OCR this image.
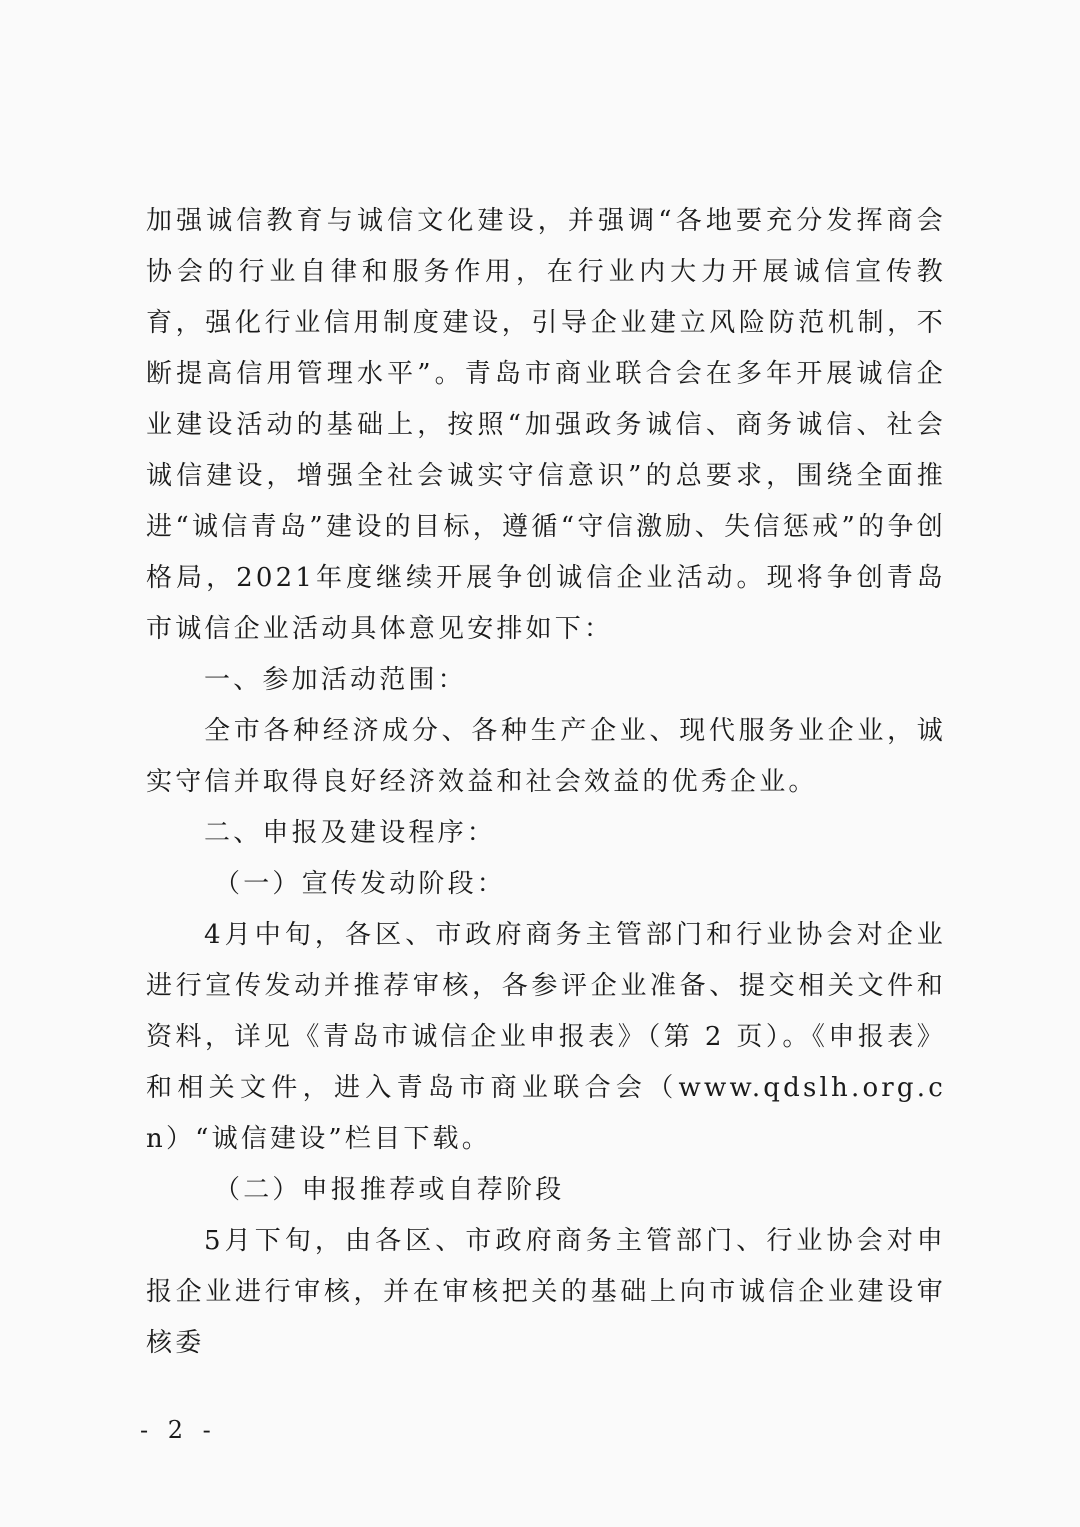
加强诚信教育与诚信文化建设，并强调“各地要充分发挥商会协会的行业自律和服务作用，在行业内大力开展诚信宣传教育，强化行业信用制度建设，引导企业建立风险防范机制，不断提高信用管理水平”。青岛市商业联合会在多年开展诚信企业建设活动的基础上，按照“加强政务诚信、商务诚信、社会诚信建设，增强全社会诚实守信意识”的总要求，围绕全面推进“诚信青岛”建设的目标，遵循“守信激励、失信惩戒”的争创格局，2021年度继续开展争创诚信企业活动。现将争创青岛市诚信企业活动具体意见安排如下：

一、参加活动范围：

全市各种经济成分、各种生产企业、现代服务业企业，诚实守信并取得良好经济效益和社会效益的优秀企业。

二、申报及建设程序：

（一）宣传发动阶段：

4月中旬，各区、市政府商务主管部门和行业协会对企业进行宣传发动并推荐审核，各参评企业准备、提交相关文件和资料，详见《青岛市诚信企业申报表》（第 2 页）。《申报表》和相关文件，进入青岛市商业联合会（www.qdslh.org.cn）“诚信建设”栏目下载。

（二）申报推荐或自荐阶段

5月下旬，由各区、市政府商务主管部门、行业协会对申报企业进行审核，并在审核把关的基础上向市诚信企业建设审核委

- 2 -
